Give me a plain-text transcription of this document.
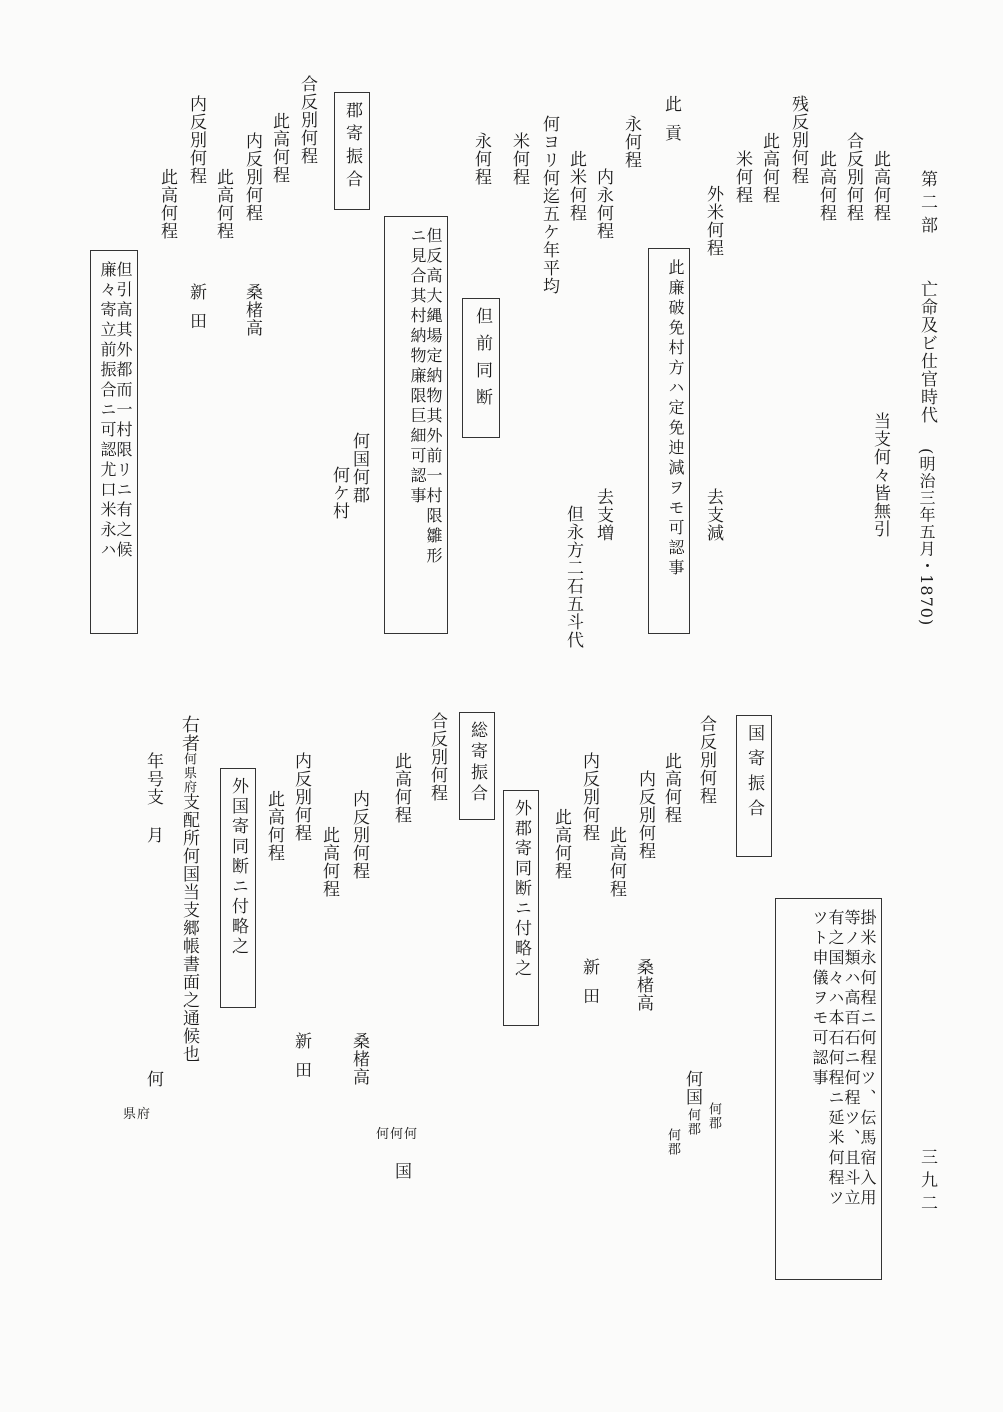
第二部
亡命及ビ仕官時代
(明治三年五月・1870)
三九二
此高何程
当支何々皆無引
此高何程 合反別何程
外米何程
去支減
米何程 此高何程 残反別何程
此廉破免村方ハ定免迚減ヲモ可認事
此貢
内永何程
去支増
永何程
此米何程
但永方二石五斗代
何ヨリ何迄五ケ年平均
米何程
但前同断
永何程
但反高大縄場定納物其外前一村限雛形
ニ見合其村納物廉限巨細可認事
何国何郡
何ケ村
郡寄振合
合反別何程
此高何程
内反別何程
桑楮高
此高何程
内反別何程
新田
此高何程
但引高其外都而一村限リニ有之候
廉々寄立前振合ニ可認尤口米永ハ
国寄振合
合反別何程
此高何程
内反別何程
桑楮高
此高何程
何国
何郡
何郡
何郡	掛米永何程ニ何程ツ、伝馬宿入用
等ノ類ハ高百石ニ何程ツ、且斗立
有之国々ハ本石何程ニ延米何程ツ
ツト申儀ヲモ可認事
内反別何程
新田
此高何程
外郡寄同断ニ付略之
総寄振合
合反別何程
此高何程
何何何
国
内反別何程
桑楮高
此高何程
内反別何程
新田
此高何程
外国寄同断ニ付略之
右者
何県府
支配所何国当支郷帳書面之通候也
何
県府
年号支
月
